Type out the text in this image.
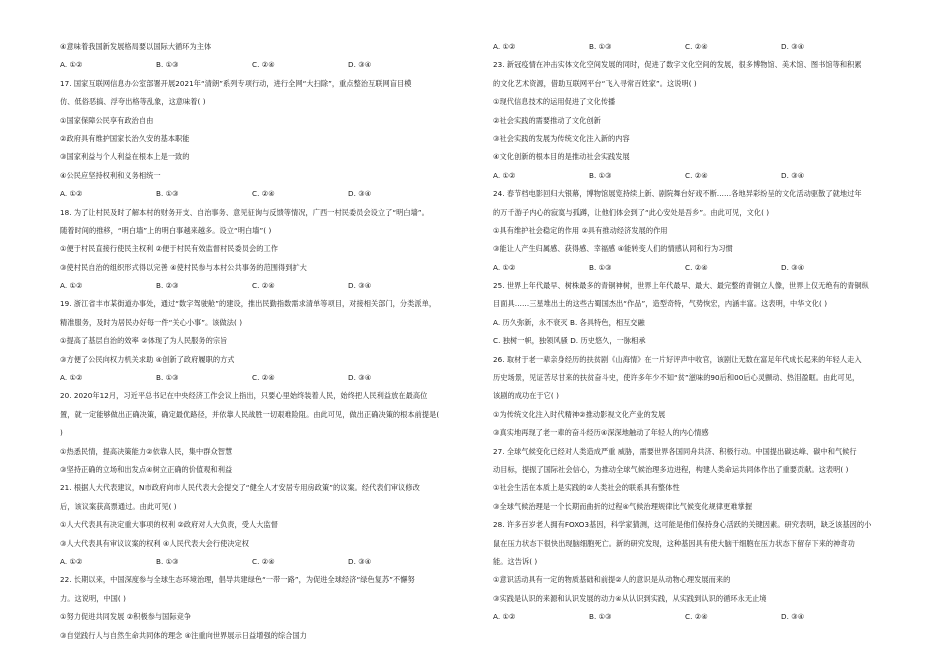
④意味着我国新发展格局要以国际大循环为主体
A. ①②	B. ①③	C. ②④	D. ③④
17. 国家互联网信息办公室部署开展2021年“清朗”系列专项行动，进行全网“大扫除”，重点整治互联网盲目模
仿、低俗恶搞、浮夸出格等乱象，这意味着( )
①国家保障公民享有政治自由
②政府具有维护国家长治久安的基本职能
③国家利益与个人利益在根本上是一致的
④公民应坚持权利和义务相统一
A. ①②	B. ①③	C. ②④	D. ③④
18. 为了让村民及时了解本村的财务开支、自治事务、意见征询与反馈等情况，广西一村民委员会设立了“明白墙”。
随着时间的推移，“明白墙”上的明白事越来越多。设立“明白墙”( )
①便于村民直接行使民主权利 ②便于村民有效监督村民委员会的工作
③使村民自治的组织形式得以完善 ④使村民参与本村公共事务的范围得到扩大
A. ①②	B. ②③	C. ②④	D. ③④
19. 浙江省丰市某街道办事处，通过“数字驾驶舱”的建设，推出民勤指数需求清单等项目，对接相关部门，分类派单，
精准服务，及时为居民办好每一件“关心小事”。该做法( )
①提高了基层自治的效率 ②体现了为人民服务的宗旨
③方便了公民向权力机关求助 ④创新了政府履职的方式
A. ①②	B. ①③	C. ②④	D. ③④
20. 2020年12月，习近平总书记在中央经济工作会议上指出，只要心里始终装着人民，始终把人民利益放在最高位
置，就一定能够做出正确决策，确定最优路径，并依靠人民战胜一切艰难险阻。由此可见，做出正确决策的根本前提是(
)
①热悉民情，提高决策能力②依靠人民，集中群众智慧
③坚持正确的立场和出发点④树立正确的价值观和利益
21. 根据人大代表建议，N市政府向市人民代表大会提交了“健全人才安居专用房政策”的议案。经代表们审议修改
后，该议案获高票通过。由此可见( )
①人大代表具有决定重大事项的权利 ②政府对人大负责，受人大监督
③人大代表具有审议议案的权利 ④人民代表大会行使决定权
A. ①②	B. ①③	C. ②④	D. ③④
22. 长期以来，中国深度参与全球生态环境治理，倡导共建绿色“一带一路”，为促进全球经济“绿色复苏”不懈努
力。这说明，中国( )
①努力促进共同发展 ②积极参与国际竞争
③自觉践行人与自然生命共同体的理念 ④注重向世界展示日益增强的综合国力
A. ①②	B. ①③	C. ②④	D. ③④
23. 新冠疫情在冲击实体文化空间发展的同时，促进了数字文化空间的发展，很多博物馆、美术馆、图书馆等和积累
的文化艺术资源，借助互联网平台“飞入寻常百姓家”。这说明( )
①现代信息技术的运用促进了文化传播
②社会实践的需要推动了文化创新
③社会实践的发展为传统文化注入新的内容
④文化创新的根本目的是推动社会实践发展
A. ①②	B. ①③	C. ②④	D. ③④
24. 春节档电影回归大银幕，博物馆展览持续上新、剧院舞台好戏不断……各地异彩纷呈的文化活动驱散了就地过年
的万千游子内心的寂寞与孤蹲，让他们体会到了“此心安处是吾乡”。由此可见，文化( )
①具有维护社会稳定的作用 ②具有推动经济发展的作用
③能让人产生归属感、获得感、幸福感 ④能转变人们的情感认同和行为习惯
A. ①②	B. ①③	C. ②④	D. ③④
25. 世界上年代最早、树株最多的青铜神树，世界上年代最早、最大、最完整的青铜立人像，世界上仅无绝有的青铜纵
目面具……三星堆出土的这些古蜀国杰出“作品”，造型奇特，气势恢宏，内涵丰富。这表明，中华文化( )
A. 历久弥新，永不衰灭 B. 各具特色，相互交融
C. 独树一帜，独领风骚 D. 历史悠久，一脉相承
26. 取材于老一辈亲身经历的扶贫剧《山海情》在一片好评声中收官，该剧让无数在富足年代成长起来的年轻人走入
历史场景，见证苦尽甘来的扶贫奋斗史，使许多年少不知“贫”滋味的90后和00后心灵颤动、热泪盈眶。由此可见，
该剧的成功在于它( )
①为传统文化注入时代精神②推动影视文化产业的发展
③真实地再现了老一辈的奋斗经历④深深地触动了年轻人的内心情感
27. 全球气候变化已经对人类造成严重 威胁，需要世界各国同舟共济、积极行动。中国提出碳达峰、碳中和气候行
动目标，提振了国际社会信心，为推动全球气候治理多边进程，构建人类命运共同体作出了重要贡献。这表明( )
①社会生活在本质上是实践的②人类社会的联系具有整体性
③全球气候治理是一个长期而曲折的过程④气候治理规律比气候变化规律更难掌握
28. 许多百岁老人拥有FOXO3基因，科学家猜测，这可能是他们保持身心活跃的关键因素。研究表明，缺乏该基因的小
鼠在压力状态下很快出现脑细胞死亡。新的研究发现，这种基因具有使大脑干细胞在压力状态下留存下来的神奇功
能。这告诉( )
①意识活动具有一定的物质基础和前提②人的意识是从动物心理发展而来的
③实践是认识的来源和认识发展的动力④从认识到实践，从实践到认识的循环永无止境
A. ①②	B. ①③	C. ②④	D. ③④
